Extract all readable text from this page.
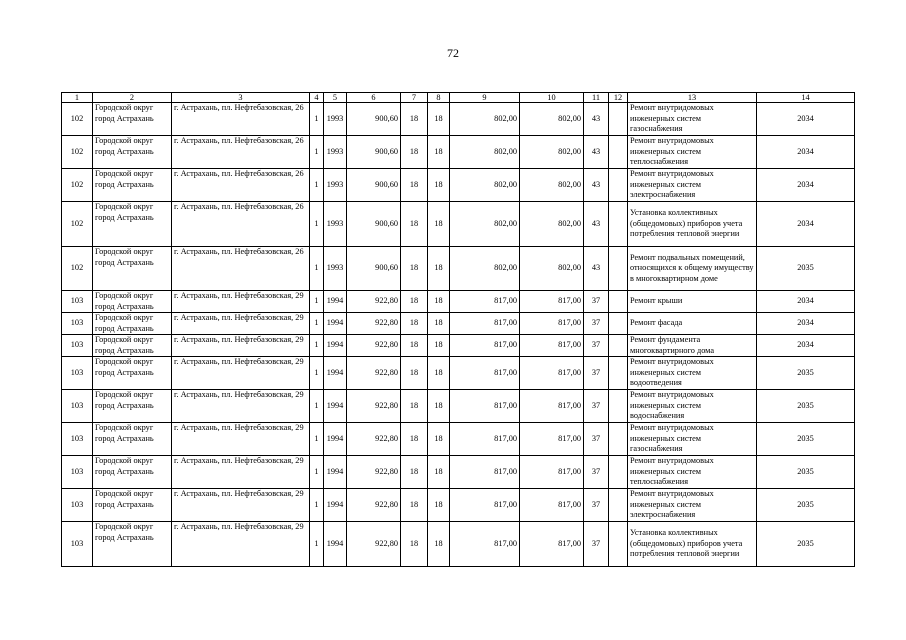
72
1	2	3	4	5	6	7	8	9	10	11	12	13	14
102	Городской округ город Астрахань	г. Астрахань, пл. Нефтебазовская, 26	1	1993	900,60	18	18	802,00	802,00	43		Ремонт внутридомовых инженерных систем газоснабжения	2034
102	Городской округ город Астрахань	г. Астрахань, пл. Нефтебазовская, 26	1	1993	900,60	18	18	802,00	802,00	43		Ремонт внутридомовых инженерных систем теплоснабжения	2034
102	Городской округ город Астрахань	г. Астрахань, пл. Нефтебазовская, 26	1	1993	900,60	18	18	802,00	802,00	43		Ремонт внутридомовых инженерных систем электроснабжения	2034
102	Городской округ город Астрахань	г. Астрахань, пл. Нефтебазовская, 26	1	1993	900,60	18	18	802,00	802,00	43		Установка коллективных (общедомовых) приборов учета потребления тепловой энергии	2034
102	Городской округ город Астрахань	г. Астрахань, пл. Нефтебазовская, 26	1	1993	900,60	18	18	802,00	802,00	43		Ремонт подвальных помещений, относящихся к общему имуществу в многоквартирном доме	2035
103	Городской округ город Астрахань	г. Астрахань, пл. Нефтебазовская, 29	1	1994	922,80	18	18	817,00	817,00	37		Ремонт крыши	2034
103	Городской округ город Астрахань	г. Астрахань, пл. Нефтебазовская, 29	1	1994	922,80	18	18	817,00	817,00	37		Ремонт фасада	2034
103	Городской округ город Астрахань	г. Астрахань, пл. Нефтебазовская, 29	1	1994	922,80	18	18	817,00	817,00	37		Ремонт фундамента многоквартирного дома	2034
103	Городской округ город Астрахань	г. Астрахань, пл. Нефтебазовская, 29	1	1994	922,80	18	18	817,00	817,00	37		Ремонт внутридомовых инженерных систем водоотведения	2035
103	Городской округ город Астрахань	г. Астрахань, пл. Нефтебазовская, 29	1	1994	922,80	18	18	817,00	817,00	37		Ремонт внутридомовых инженерных систем водоснабжения	2035
103	Городской округ город Астрахань	г. Астрахань, пл. Нефтебазовская, 29	1	1994	922,80	18	18	817,00	817,00	37		Ремонт внутридомовых инженерных систем газоснабжения	2035
103	Городской округ город Астрахань	г. Астрахань, пл. Нефтебазовская, 29	1	1994	922,80	18	18	817,00	817,00	37		Ремонт внутридомовых инженерных систем теплоснабжения	2035
103	Городской округ город Астрахань	г. Астрахань, пл. Нефтебазовская, 29	1	1994	922,80	18	18	817,00	817,00	37		Ремонт внутридомовых инженерных систем электроснабжения	2035
103	Городской округ город Астрахань	г. Астрахань, пл. Нефтебазовская, 29	1	1994	922,80	18	18	817,00	817,00	37		Установка коллективных (общедомовых) приборов учета потребления тепловой энергии	2035
